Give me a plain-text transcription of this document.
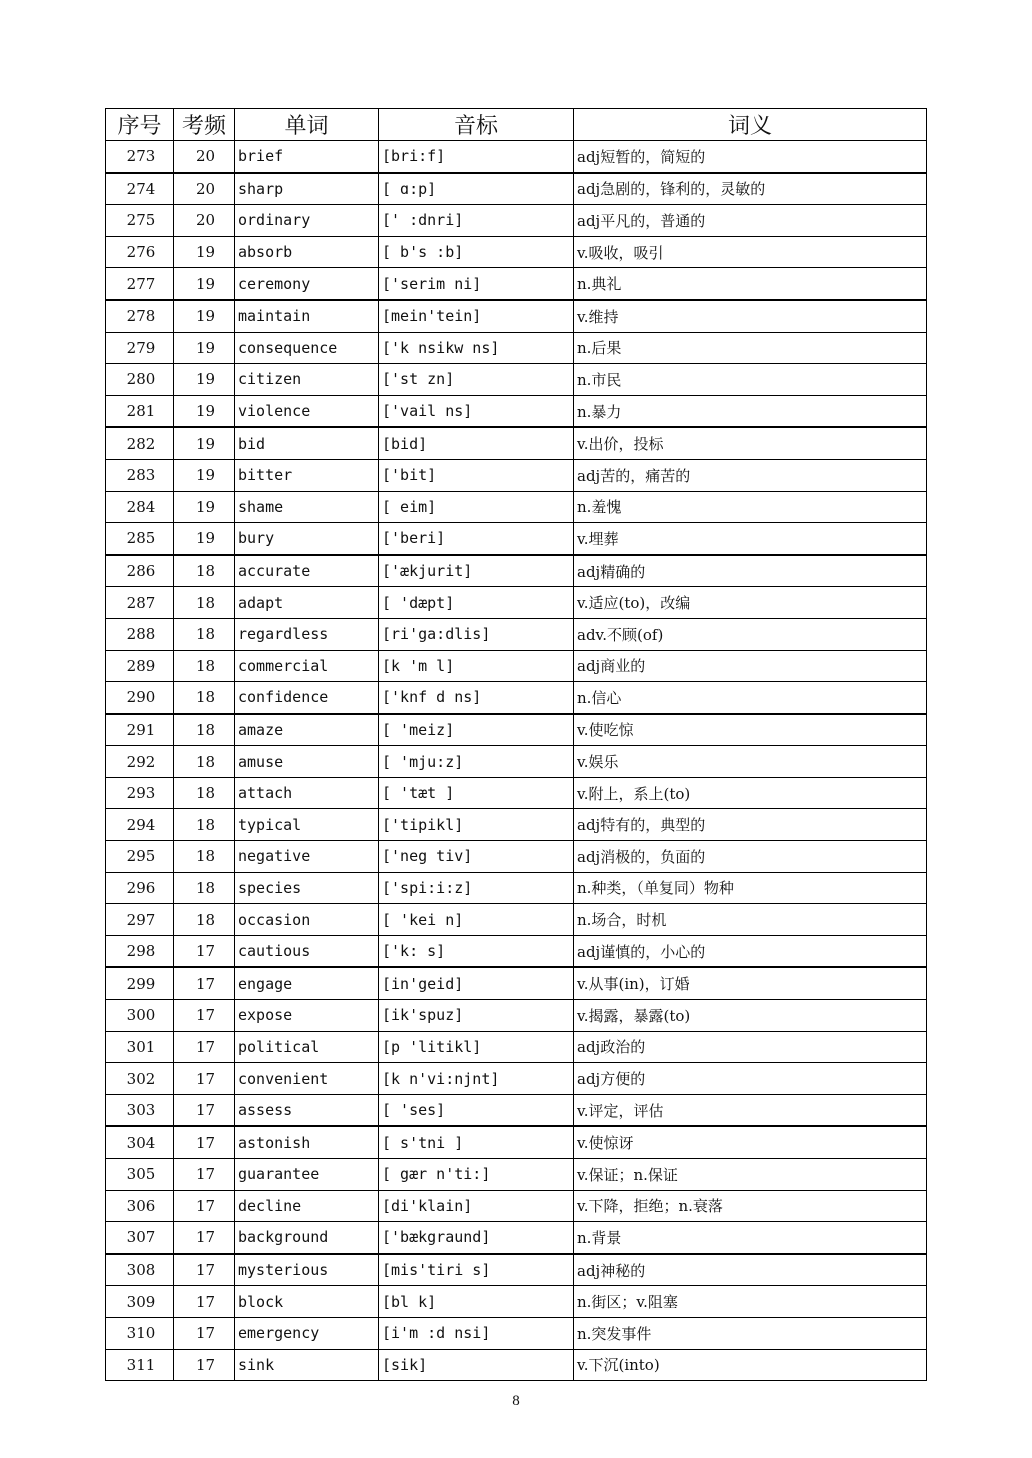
序号	考频	单词	音标	词义
273	20	brief	[bri:f]	adj短暂的，简短的
274	20	sharp	[ ɑ:p]	adj急剧的，锋利的，灵敏的
275	20	ordinary	[' :dnri]	adj平凡的，普通的
276	19	absorb	[ b's :b]	v.吸收，吸引
277	19	ceremony	['serim ni]	n.典礼
278	19	maintain	[mein'tein]	v.维持
279	19	consequence	['k nsikw ns]	n.后果
280	19	citizen	['st zn]	n.市民
281	19	violence	['vail ns]	n.暴力
282	19	bid	[bid]	v.出价，投标
283	19	bitter	['bit]	adj苦的，痛苦的
284	19	shame	[ eim]	n.羞愧
285	19	bury	['beri]	v.埋葬
286	18	accurate	['ækjurit]	adj精确的
287	18	adapt	[ 'dæpt]	v.适应(to)，改编
288	18	regardless	[ri'ga:dlis]	adv.不顾(of)
289	18	commercial	[k 'm l]	adj商业的
290	18	confidence	['knf d ns]	n.信心
291	18	amaze	[ 'meiz]	v.使吃惊
292	18	amuse	[ 'mju:z]	v.娱乐
293	18	attach	[ 'tæt ]	v.附上，系上(to)
294	18	typical	['tipikl]	adj特有的，典型的
295	18	negative	['neg tiv]	adj消极的，负面的
296	18	species	['spi:i:z]	n.种类，（单复同）物种
297	18	occasion	[ 'kei n]	n.场合，时机
298	17	cautious	['k: s]	adj谨慎的，小心的
299	17	engage	[in'geid]	v.从事(in)，订婚
300	17	expose	[ik'spuz]	v.揭露，暴露(to)
301	17	political	[p 'litikl]	adj政治的
302	17	convenient	[k n'vi:njnt]	adj方便的
303	17	assess	[ 'ses]	v.评定，评估
304	17	astonish	[ s'tni ]	v.使惊讶
305	17	guarantee	[ gær n'ti:]	v.保证；n.保证
306	17	decline	[di'klain]	v.下降，拒绝；n.衰落
307	17	background	['bækgraund]	n.背景
308	17	mysterious	[mis'tiri s]	adj神秘的
309	17	block	[bl k]	n.街区；v.阻塞
310	17	emergency	[i'm :d nsi]	n.突发事件
311	17	sink	[sik]	v.下沉(into)
8
